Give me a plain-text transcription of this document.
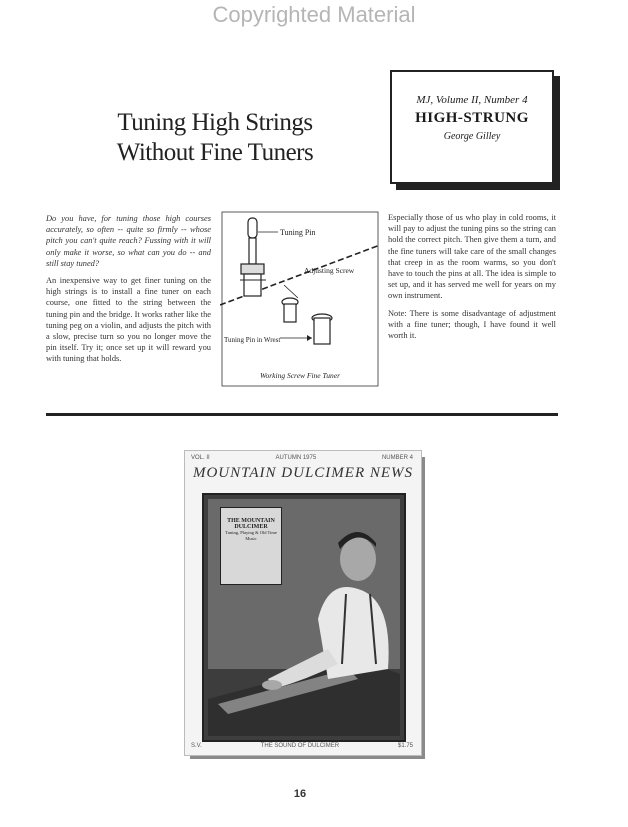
Copyrighted Material
Tuning High Strings
Without Fine Tuners
MJ, Volume II, Number 4
HIGH-STRUNG
George Gilley

Do you have, for tuning those high courses accurately, so often -- quite so firmly -- whose pitch you can't quite reach? Fussing with it will only make it worse, so what can you do -- and still stay tuned?

An inexpensive way to get finer tuning on the high strings is to install a fine tuner on each course, one fitted to the string between the tuning pin and the bridge. It works rather like the tuning peg on a violin, and adjusts the pitch with a slow, precise turn so you no longer move the pin itself. Try it; once set up it will reward you with tuning that holds.

Tuning Pin
Adjusting Screw
Tuning Pin in Wrest
Working Screw Fine Tuner

Especially those of us who play in cold rooms, it will pay to adjust the tuning pins so the string can hold the correct pitch. Then give them a turn, and the fine tuners will take care of the small changes that creep in as the room warms, so you don't have to touch the pins at all. The idea is simple to set up, and it has served me well for years on my own instrument.

Note: There is some disadvantage of adjustment with a fine tuner; though, I have found it well worth it.

VOL. II	AUTUMN 1975	NUMBER 4
MOUNTAIN DULCIMER NEWS
THE MOUNTAIN DULCIMER
Tuning, Playing & Old Time Music
S.V.	THE SOUND OF DULCIMER	$1.75
16
